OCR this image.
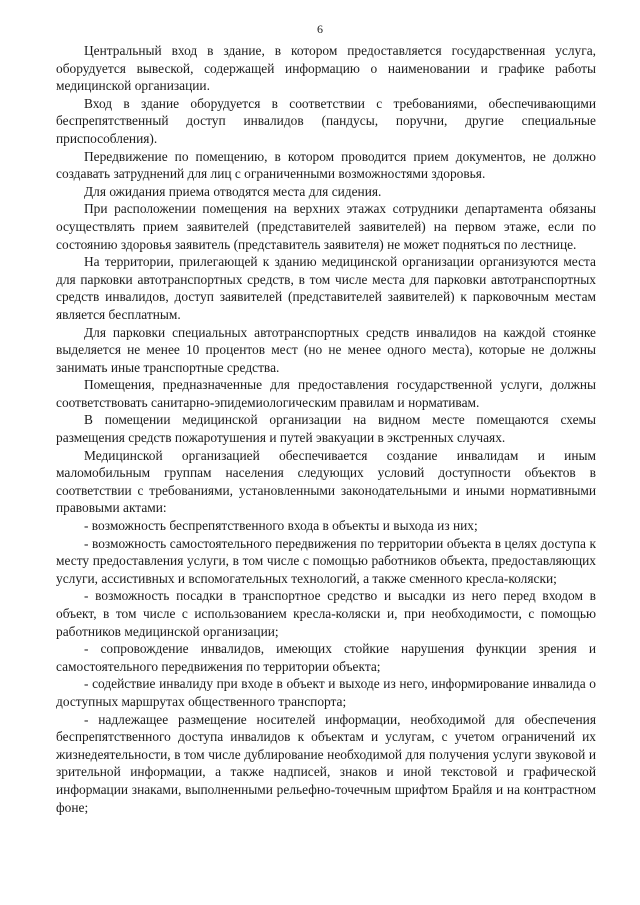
6

Центральный вход в здание, в котором предоставляется государственная услуга, оборудуется вывеской, содержащей информацию о наименовании и графике работы медицинской организации.

Вход в здание оборудуется в соответствии с требованиями, обеспечивающими беспрепятственный доступ инвалидов (пандусы, поручни, другие специальные приспособления).

Передвижение по помещению, в котором проводится прием документов, не должно создавать затруднений для лиц с ограниченными возможностями здоровья.

Для ожидания приема отводятся места для сидения.

При расположении помещения на верхних этажах сотрудники департамента обязаны осуществлять прием заявителей (представителей заявителей) на первом этаже, если по состоянию здоровья заявитель (представитель заявителя) не может подняться по лестнице.

На территории, прилегающей к зданию медицинской организации организуются места для парковки автотранспортных средств, в том числе места для парковки автотранспортных средств инвалидов, доступ заявителей (представителей заявителей) к парковочным местам является бесплатным.

Для парковки специальных автотранспортных средств инвалидов на каждой стоянке выделяется не менее 10 процентов мест (но не менее одного места), которые не должны занимать иные транспортные средства.

Помещения, предназначенные для предоставления государственной услуги, должны соответствовать санитарно-эпидемиологическим правилам и нормативам.

В помещении медицинской организации на видном месте помещаются схемы размещения средств пожаротушения и путей эвакуации в экстренных случаях.

Медицинской организацией обеспечивается создание инвалидам и иным маломобильным группам населения следующих условий доступности объектов в соответствии с требованиями, установленными законодательными и иными нормативными правовыми актами:

- возможность беспрепятственного входа в объекты и выхода из них;

- возможность самостоятельного передвижения по территории объекта в целях доступа к месту предоставления услуги, в том числе с помощью работников объекта, предоставляющих услуги, ассистивных и вспомогательных технологий, а также сменного кресла-коляски;

- возможность посадки в транспортное средство и высадки из него перед входом в объект, в том числе с использованием кресла-коляски и, при необходимости, с помощью работников медицинской организации;

- сопровождение инвалидов, имеющих стойкие нарушения функции зрения и самостоятельного передвижения по территории объекта;

- содействие инвалиду при входе в объект и выходе из него, информирование инвалида о доступных маршрутах общественного транспорта;

- надлежащее размещение носителей информации, необходимой для обеспечения беспрепятственного доступа инвалидов к объектам и услугам, с учетом ограничений их жизнедеятельности, в том числе дублирование необходимой для получения услуги звуковой и зрительной информации, а также надписей, знаков и иной текстовой и графической информации знаками, выполненными рельефно-точечным шрифтом Брайля и на контрастном фоне;
